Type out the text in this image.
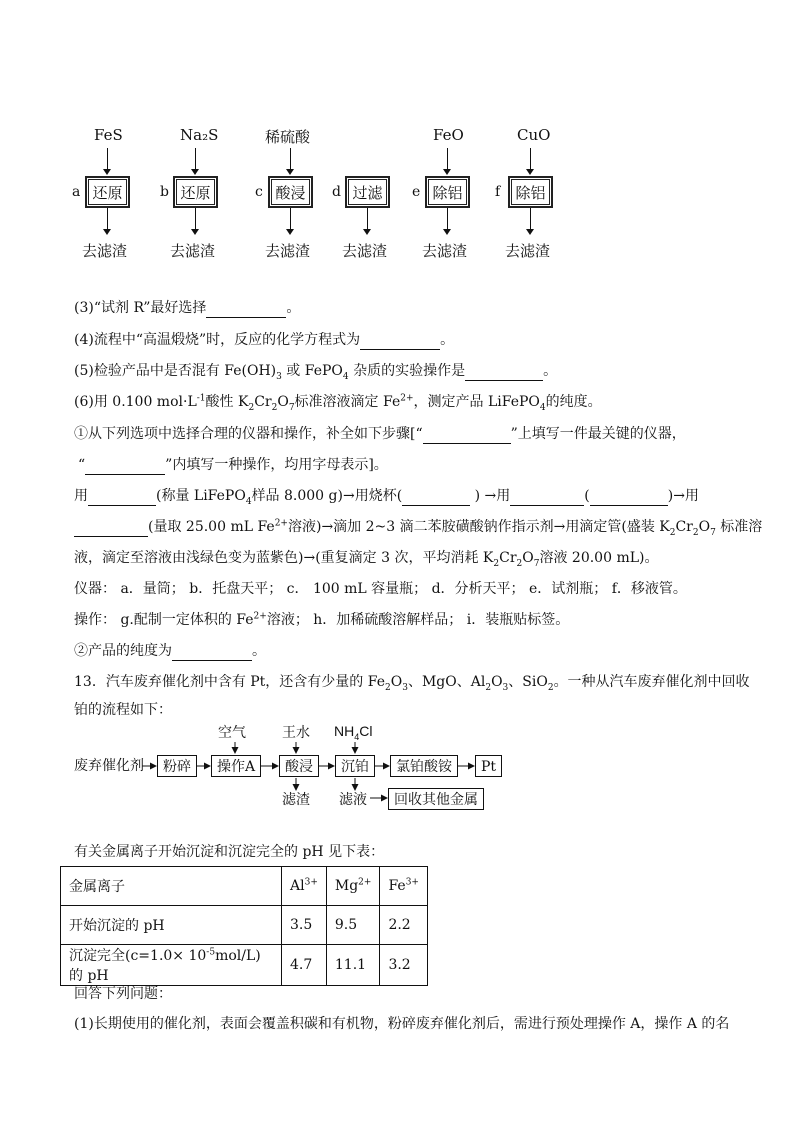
FeS
a 还原
去滤渣
Na₂S
b 还原
去滤渣
稀硫酸
c 酸浸
去滤渣
d 过滤
去滤渣
FeO
e 除铝
去滤渣
CuO
f	除铝
去滤渣
(3)“试剂 R”最好选择	。
(4)流程中“高温煅烧”时，反应的化学方程式为	。
(5)检验产品中是否混有 $Fe(OH)_3$ 或 FePO$_4$ 杂质的实验操作是	。
(6)用 0.100 $mol\cdot L^{-1}$酸性 $K_2Cr_2O_7$标准溶液滴定 $Fe^{2+}$，测定产品 LiFePO$_4$的纯度。
①从下列选项中选择合理的仪器和操作，补全如下步骤[“	”上填写一件最关键的仪器，
“	”内填写一种操作，均用字母表示]。
用	(称量 LiFePO$_4$样品 8.000 g)→用烧杯(	) →用	(	)→用
(量取 25.00 mL $Fe^{2+}$溶液)→滴加 2~3 滴二苯胺磺酸钠作指示剂→用滴定管(盛装 $K_2Cr_2O_7$ 标准溶
液，滴定至溶液由浅绿色变为蓝紫色)→(重复滴定 3 次，平均消耗 $K_2Cr_2O_7$溶液 20.00 mL)。
仪器： a．量筒； b．托盘天平； c． 100 mL 容量瓶； d．分析天平； e．试剂瓶； f．移液管。
操作： g.配制一定体积的 $Fe^{2+}$溶液； h．加稀硫酸溶解样品； i．装瓶贴标签。
②产品的纯度为	。
13．汽车废弃催化剂中含有 Pt，还含有少量的 $Fe_2O_3$、MgO、$Al_2O_3$、SiO$_2$。一种从汽车废弃催化剂中回收
铂的流程如下：
废弃催化剂	粉碎	操作A	酸浸	沉铂	氯铂酸铵	Pt
回收其他金属
空气	王水 $NH_4Cl$
滤渣 滤液
有关金属离子开始沉淀和沉淀完全的 pH 见下表：
金属离子	$Al^{3+}$	$Mg^{2+}$	$Fe^{3+}$
开始沉淀的 pH	3.5	9.5	2.2
沉淀完全$(c=1.0\times 10^{-5}mol/L)$的 pH	4.7	11.1	3.2
回答下列问题：
(1)长期使用的催化剂，表面会覆盖积碳和有机物，粉碎废弃催化剂后，需进行预处理操作 A，操作 A 的名
